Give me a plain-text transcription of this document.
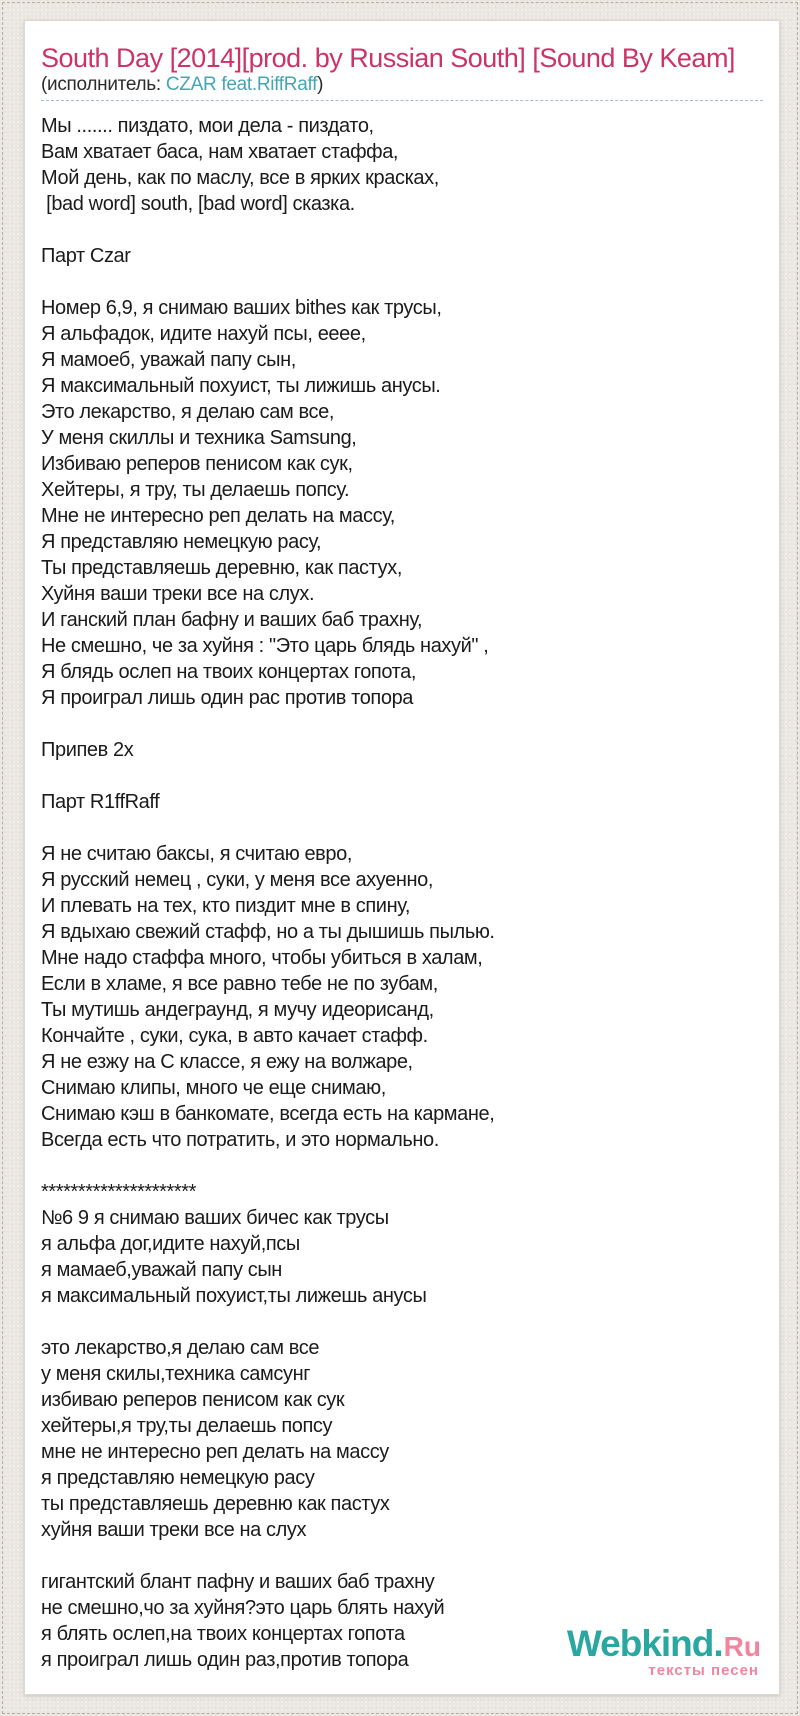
South Day [2014][prod. by Russian South] [Sound By Keam]

(исполнитель: CZAR feat.RiffRaff)

Мы ....... пиздато, мои дела - пиздато,
Вам хватает баса, нам хватает стаффа,
Мой день, как по маслу, все в ярких красках,
[bad word] south, [bad word] сказка.
Парт Czar
Номер 6,9, я снимаю ваших bithes как трусы,
Я альфадок, идите нахуй псы, ееее,
Я мамоеб, уважай папу сын,
Я максимальный похуист, ты лижишь анусы.
Это лекарство, я делаю сам все,
У меня скиллы и техника Samsung,
Избиваю реперов пенисом как сук,
Хейтеры, я тру, ты делаешь попсу.
Мне не интересно реп делать на массу,
Я представляю немецкую расу,
Ты представляешь деревню, как пастух,
Хуйня ваши треки все на слух.
И ганский план бафну и ваших баб трахну,
Не смешно, че за хуйня : "Это царь блядь нахуй" ,
Я блядь ослеп на твоих концертах гопота,
Я проиграл лишь один рас против топора
Припев 2х
Парт R1ffRaff
Я не считаю баксы, я считаю евро,
Я русский немец , суки, у меня все ахуенно,
И плевать на тех, кто пиздит мне в спину,
Я вдыхаю свежий стафф, но а ты дышишь пылью.
Мне надо стаффа много, чтобы убиться в халам,
Если в хламе, я все равно тебе не по зубам,
Ты мутишь андеграунд, я мучу идеорисанд,
Кончайте , суки, сука, в авто качает стафф.
Я не езжу на С классе, я ежу на волжаре,
Снимаю клипы, много че еще снимаю,
Снимаю кэш в банкомате, всегда есть на кармане,
Всегда есть что потратить, и это нормально.
*********************
№6 9 я снимаю ваших бичес как трусы
я альфа дог,идите нахуй,псы
я мамаеб,уважай папу сын
я максимальный похуист,ты лижешь анусы
это лекарство,я делаю сам все
у меня скилы,техника самсунг
избиваю реперов пенисом как сук
хейтеры,я тру,ты делаешь попсу
мне не интересно реп делать на массу
я представляю немецкую расу
ты представляешь деревню как пастух
хуйня ваши треки все на слух
гигантский блант пафну и ваших баб трахну
не смешно,чо за хуйня?это царь блять нахуй
я блять ослеп,на твоих концертах гопота
я проиграл лишь один раз,против топора	Webkind.Ru
тексты песен
